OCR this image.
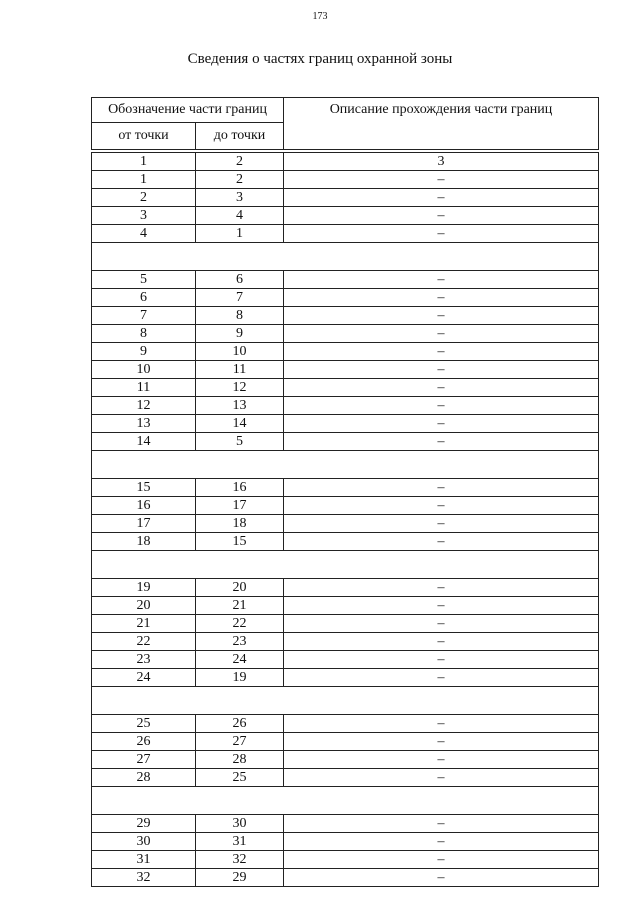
173
Сведения о частях границ охранной зоны
Обозначение части границ		Описание прохождения части границ
от точки	до точки	

1	2	3
1	2	–
2	3	–
3	4	–
4	1	–

5	6	–
6	7	–
7	8	–
8	9	–
9	10	–
10	11	–
11	12	–
12	13	–
13	14	–
14	5	–

15	16	–
16	17	–
17	18	–
18	15	–

19	20	–
20	21	–
21	22	–
22	23	–
23	24	–
24	19	–

25	26	–
26	27	–
27	28	–
28	25	–

29	30	–
30	31	–
31	32	–
32	29	–
